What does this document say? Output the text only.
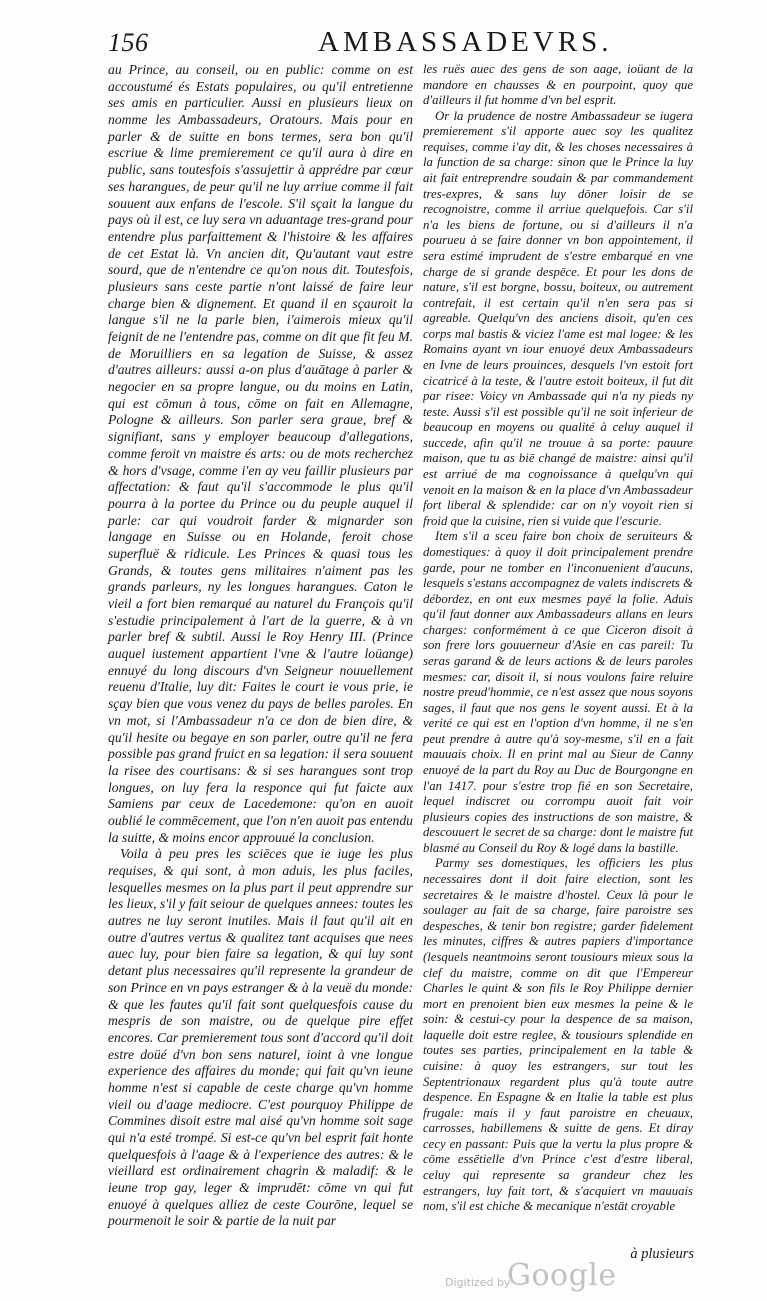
156	AMBASSADEVRS.

au Prince, au conseil, ou en public: comme on est accoustumé és Estats populaires, ou qu'il entretienne ses amis en particulier. Aussi en plusieurs lieux on nomme les Ambassadeurs, Oratours. Mais pour en parler & de suitte en bons termes, sera bon qu'il escriue & lime premierement ce qu'il aura à dire en public, sans toutesfois s'assujettir à apprédre par cœur ses harangues, de peur qu'il ne luy arriue comme il fait souuent aux enfans de l'escole. S'il sçait la langue du pays où il est, ce luy sera vn aduantage tres-grand pour entendre plus parfaittement & l'histoire & les affaires de cet Estat là. Vn ancien dit, Qu'autant vaut estre sourd, que de n'entendre ce qu'on nous dit. Toutesfois, plusieurs sans ceste partie n'ont laissé de faire leur charge bien & dignement. Et quand il en sçauroit la langue s'il ne la parle bien, i'aimerois mieux qu'il feignit de ne l'entendre pas, comme on dit que fit feu M. de Moruilliers en sa legation de Suisse, & assez d'autres ailleurs: aussi a-on plus d'auātage à parler & negocier en sa propre langue, ou du moins en Latin, qui est cōmun à tous, cōme on fait en Allemagne, Pologne & ailleurs. Son parler sera graue, bref & signifiant, sans y employer beaucoup d'allegations, comme feroit vn maistre és arts: ou de mots recherchez & hors d'vsage, comme i'en ay veu faillir plusieurs par affectation: & faut qu'il s'accommode le plus qu'il pourra à la portee du Prince ou du peuple auquel il parle: car qui voudroit farder & mignarder son langage en Suisse ou en Holande, feroit chose superfluë & ridicule. Les Princes & quasi tous les Grands, & toutes gens militaires n'aiment pas les grands parleurs, ny les longues harangues. Caton le vieil a fort bien remarqué au naturel du François qu'il s'estudie principalement à l'art de la guerre, & à vn parler bref & subtil. Aussi le Roy Henry III. (Prince auquel iustement appartient l'vne & l'autre loüange) ennuyé du long discours d'vn Seigneur nouuellement reuenu d'Italie, luy dit: Faites le court ie vous prie, ie sçay bien que vous venez du pays de belles paroles. En vn mot, si l'Ambassadeur n'a ce don de bien dire, & qu'il hesite ou begaye en son parler, outre qu'il ne fera possible pas grand fruict en sa legation: il sera souuent la risee des courtisans: & si ses harangues sont trop longues, on luy fera la responce qui fut faicte aux Samiens par ceux de Lacedemone: qu'on en auoit oublié le commēcement, que l'on n'en auoit pas entendu la suitte, & moins encor approuué la conclusion.

Voila à peu pres les sciēces que ie iuge les plus requises, & qui sont, à mon aduis, les plus faciles, lesquelles mesmes on la plus part il peut apprendre sur les lieux, s'il y fait seiour de quelques annees: toutes les autres ne luy seront inutiles. Mais il faut qu'il ait en outre d'autres vertus & qualitez tant acquises que nees auec luy, pour bien faire sa legation, & qui luy sont detant plus necessaires qu'il represente la grandeur de son Prince en vn pays estranger & à la veuë du monde: & que les fautes qu'il fait sont quelquesfois cause du mespris de son maistre, ou de quelque pire effet encores. Car premierement tous sont d'accord qu'il doit estre doüé d'vn bon sens naturel, ioint à vne longue experience des affaires du monde; qui fait qu'vn ieune homme n'est si capable de ceste charge qu'vn homme vieil ou d'aage mediocre. C'est pourquoy Philippe de Commines disoit estre mal aisé qu'vn homme soit sage qui n'a esté trompé. Si est-ce qu'vn bel esprit fait honte quelquesfois à l'aage & à l'experience des autres: & le vieillard est ordinairement chagrin & maladif: & le ieune trop gay, leger & imprudēt: cōme vn qui fut enuoyé à quelques alliez de ceste Courōne, lequel se pourmenoit le soir & partie de la nuit par

les ruës auec des gens de son aage, ioüant de la mandore en chausses & en pourpoint, quoy que d'ailleurs il fut homme d'vn bel esprit.

Or la prudence de nostre Ambassadeur se iugera premierement s'il apporte auec soy les qualitez requises, comme i'ay dit, & les choses necessaires à la function de sa charge: sinon que le Prince la luy ait fait entreprendre soudain & par commandement tres-expres, & sans luy dōner loisir de se recognoistre, comme il arriue quelquefois. Car s'il n'a les biens de fortune, ou si d'ailleurs il n'a pourueu à se faire donner vn bon appointement, il sera estimé imprudent de s'estre embarqué en vne charge de si grande despēce. Et pour les dons de nature, s'il est borgne, bossu, boiteux, ou autrement contrefait, il est certain qu'il n'en sera pas si agreable. Quelqu'vn des anciens disoit, qu'en ces corps mal bastis & viciez l'ame est mal logee: & les Romains ayant vn iour enuoyé deux Ambassadeurs en Ivne de leurs prouinces, desquels l'vn estoit fort cicatricé à la teste, & l'autre estoit boiteux, il fut dit par risee: Voicy vn Ambassade qui n'a ny pieds ny teste. Aussi s'il est possible qu'il ne soit inferieur de beaucoup en moyens ou qualité à celuy auquel il succede, afin qu'il ne trouue à sa porte: pauure maison, que tu as biē changé de maistre: ainsi qu'il est arriué de ma cognoissance à quelqu'vn qui venoit en la maison & en la place d'vn Ambassadeur fort liberal & splendide: car on n'y voyoit rien si froid que la cuisine, rien si vuide que l'escurie.

Item s'il a sceu faire bon choix de seruiteurs & domestiques: à quoy il doit principalement prendre garde, pour ne tomber en l'inconuenient d'aucuns, lesquels s'estans accompagnez de valets indiscrets & débordez, en ont eux mesmes payé la folie. Aduis qu'il faut donner aux Ambassadeurs allans en leurs charges: conformément à ce que Ciceron disoit à son frere lors gouuerneur d'Asie en cas pareil: Tu seras garand & de leurs actions & de leurs paroles mesmes: car, disoit il, si nous voulons faire reluire nostre preud'hommie, ce n'est assez que nous soyons sages, il faut que nos gens le soyent aussi. Et à la verité ce qui est en l'option d'vn homme, il ne s'en peut prendre à autre qu'à soy-mesme, s'il en a fait mauuais choix. Il en print mal au Sieur de Canny enuoyé de la part du Roy au Duc de Bourgongne en l'an 1417. pour s'estre trop fié en son Secretaire, lequel indiscret ou corrompu auoit fait voir plusieurs copies des instructions de son maistre, & descouuert le secret de sa charge: dont le maistre fut blasmé au Conseil du Roy & logé dans la bastille.

Parmy ses domestiques, les officiers les plus necessaires dont il doit faire election, sont les secretaires & le maistre d'hostel. Ceux là pour le soulager au fait de sa charge, faire paroistre ses despesches, & tenir bon registre; garder fidelement les minutes, ciffres & autres papiers d'importance (lesquels neantmoins seront tousiours mieux sous la clef du maistre, comme on dit que l'Empereur Charles le quint & son fils le Roy Philippe dernier mort en prenoient bien eux mesmes la peine & le soin: & cestui-cy pour la despence de sa maison, laquelle doit estre reglee, & tousiours splendide en toutes ses parties, principalement en la table & cuisine: à quoy les estrangers, sur tout les Septentrionaux regardent plus qu'à toute autre despence. En Espagne & en Italie la table est plus frugale: mais il y faut paroistre en cheuaux, carrosses, habillemens & suitte de gens. Et diray cecy en passant: Puis que la vertu la plus propre & cōme essētielle d'vn Prince c'est d'estre liberal, celuy qui represente sa grandeur chez les estrangers, luy fait tort, & s'acquiert vn mauuais nom, s'il est chiche & mecanique n'estāt croyable

à plusieurs
Digitized by
Google
